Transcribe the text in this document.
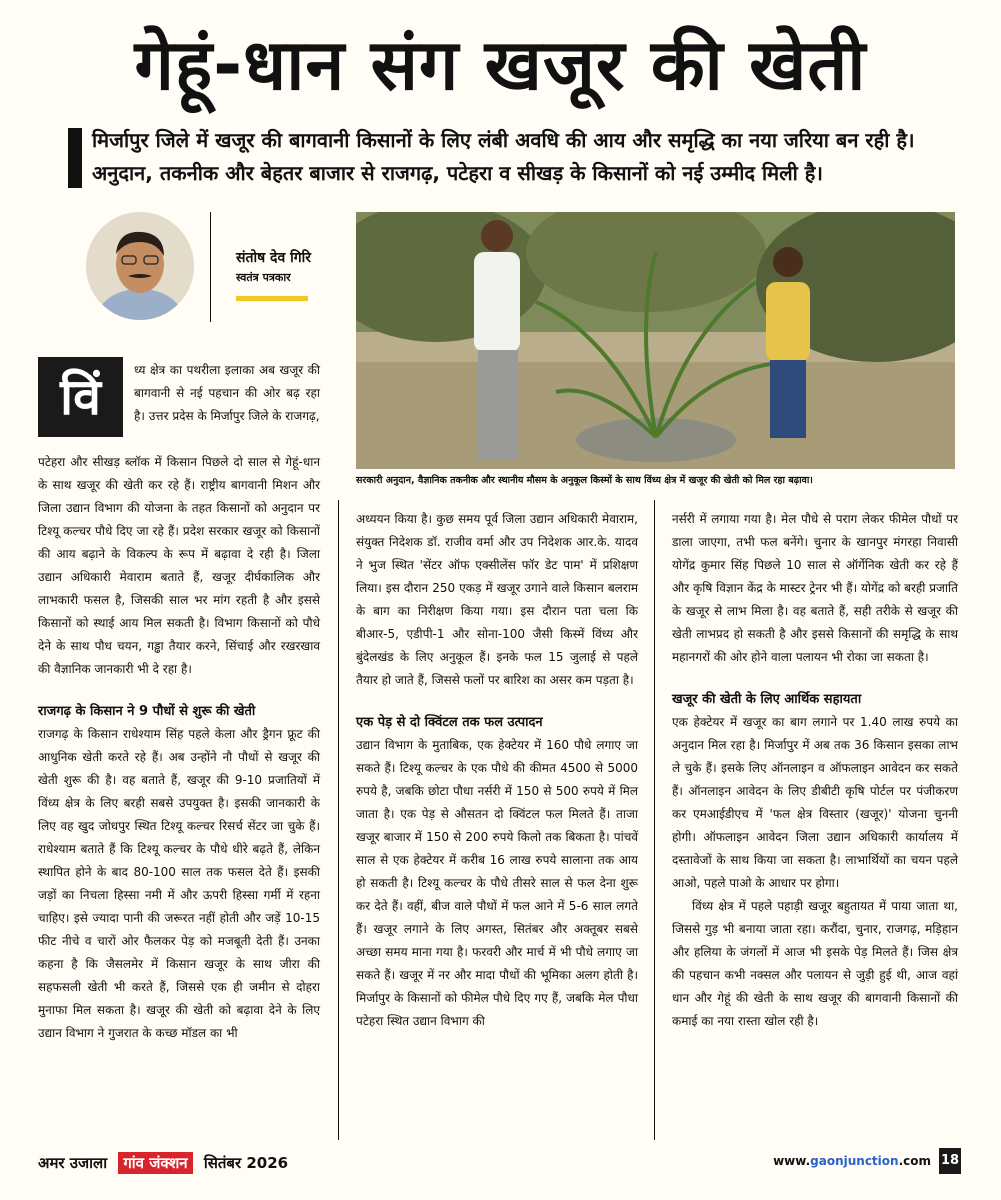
गेहूं-धान संग खजूर की खेती

मिर्जापुर जिले में खजूर की बागवानी किसानों के लिए लंबी अवधि की आय और समृद्धि का नया जरिया बन रही है। अनुदान, तकनीक और बेहतर बाजार से राजगढ़, पटेहरा व सीखड़ के किसानों को नई उम्मीद मिली है।

संतोष देव गिरि
स्वतंत्र पत्रकार
सरकारी अनुदान, वैज्ञानिक तकनीक और स्थानीय मौसम के अनुकूल किस्मों के साथ विंध्य क्षेत्र में खजूर की खेती को मिल रहा बढ़ावा।
विं	ध्य क्षेत्र का पथरीला इलाका अब खजूर की बागवानी से नई पहचान की ओर बढ़ रहा है। उत्तर प्रदेस के मिर्जापुर जिले के राजगढ़,

पटेहरा और सीखड़ ब्लॉक में किसान पिछले दो साल से गेहूं-धान के साथ खजूर की खेती कर रहे हैं। राष्ट्रीय बागवानी मिशन और जिला उद्यान विभाग की योजना के तहत किसानों को अनुदान पर टिश्यू कल्चर पौधे दिए जा रहे हैं। प्रदेश सरकार खजूर को किसानों की आय बढ़ाने के विकल्प के रूप में बढ़ावा दे रही है। जिला उद्यान अधिकारी मेवाराम बताते हैं, खजूर दीर्घकालिक और लाभकारी फसल है, जिसकी साल भर मांग रहती है और इससे किसानों को स्थाई आय मिल सकती है। विभाग किसानों को पौधे देने के साथ पौध चयन, गड्ढा तैयार करने, सिंचाई और रखरखाव की वैज्ञानिक जानकारी भी दे रहा है।

राजगढ़ के किसान ने 9 पौधों से शुरू की खेती

राजगढ़ के किसान राधेश्याम सिंह पहले केला और ड्रैगन फ्रूट की आधुनिक खेती करते रहे हैं। अब उन्होंने नौ पौधों से खजूर की खेती शुरू की है। वह बताते हैं, खजूर की 9-10 प्रजातियों में विंध्य क्षेत्र के लिए बरही सबसे उपयुक्त है। इसकी जानकारी के लिए वह खुद जोधपुर स्थित टिश्यू कल्चर रिसर्च सेंटर जा चुके हैं। राधेश्याम बताते हैं कि टिश्यू कल्चर के पौधे धीरे बढ़ते हैं, लेकिन स्थापित होने के बाद 80-100 साल तक फसल देते हैं। इसकी जड़ों का निचला हिस्सा नमी में और ऊपरी हिस्सा गर्मी में रहना चाहिए। इसे ज्यादा पानी की जरूरत नहीं होती और जड़ें 10-15 फीट नीचे व चारों ओर फैलकर पेड़ को मजबूती देती हैं। उनका कहना है कि जैसलमेर में किसान खजूर के साथ जीरा की सहफसली खेती भी करते हैं, जिससे एक ही जमीन से दोहरा मुनाफा मिल सकता है। खजूर की खेती को बढ़ावा देने के लिए उद्यान विभाग ने गुजरात के कच्छ मॉडल का भी

अध्ययन किया है। कुछ समय पूर्व जिला उद्यान अधिकारी मेवाराम, संयुक्त निदेशक डॉ. राजीव वर्मा और उप निदेशक आर.के. यादव ने भुज स्थित 'सेंटर ऑफ एक्सीलेंस फॉर डेट पाम' में प्रशिक्षण लिया। इस दौरान 250 एकड़ में खजूर उगाने वाले किसान बलराम के बाग का निरीक्षण किया गया। इस दौरान पता चला कि बीआर-5, एडीपी-1 और सोना-100 जैसी किस्में विंध्य और बुंदेलखंड के लिए अनुकूल हैं। इनके फल 15 जुलाई से पहले तैयार हो जाते हैं, जिससे फलों पर बारिश का असर कम पड़ता है।

एक पेड़ से दो क्विंटल तक फल उत्पादन

उद्यान विभाग के मुताबिक, एक हेक्टेयर में 160 पौधे लगाए जा सकते हैं। टिश्यू कल्चर के एक पौधे की कीमत 4500 से 5000 रुपये है, जबकि छोटा पौधा नर्सरी में 150 से 500 रुपये में मिल जाता है। एक पेड़ से औसतन दो क्विंटल फल मिलते हैं। ताजा खजूर बाजार में 150 से 200 रुपये किलो तक बिकता है। पांचवें साल से एक हेक्टेयर में करीब 16 लाख रुपये सालाना तक आय हो सकती है। टिश्यू कल्चर के पौधे तीसरे साल से फल देना शुरू कर देते हैं। वहीं, बीज वाले पौधों में फल आने में 5-6 साल लगते हैं। खजूर लगाने के लिए अगस्त, सितंबर और अक्तूबर सबसे अच्छा समय माना गया है। फरवरी और मार्च में भी पौधे लगाए जा सकते हैं। खजूर में नर और मादा पौधों की भूमिका अलग होती है। मिर्जापुर के किसानों को फीमेल पौधे दिए गए हैं, जबकि मेल पौधा पटेहरा स्थित उद्यान विभाग की

नर्सरी में लगाया गया है। मेल पौधे से पराग लेकर फीमेल पौधों पर डाला जाएगा, तभी फल बनेंगे। चुनार के खानपुर मंगरहा निवासी योगेंद्र कुमार सिंह पिछले 10 साल से ऑर्गेनिक खेती कर रहे हैं और कृषि विज्ञान केंद्र के मास्टर ट्रेनर भी हैं। योगेंद्र को बरही प्रजाति के खजूर से लाभ मिला है। वह बताते हैं, सही तरीके से खजूर की खेती लाभप्रद हो सकती है और इससे किसानों की समृद्धि के साथ महानगरों की ओर होने वाला पलायन भी रोका जा सकता है।

खजूर की खेती के लिए आर्थिक सहायता

एक हेक्टेयर में खजूर का बाग लगाने पर 1.40 लाख रुपये का अनुदान मिल रहा है। मिर्जापुर में अब तक 36 किसान इसका लाभ ले चुके हैं। इसके लिए ऑनलाइन व ऑफलाइन आवेदन कर सकते हैं। ऑनलाइन आवेदन के लिए डीबीटी कृषि पोर्टल पर पंजीकरण कर एमआईडीएच में 'फल क्षेत्र विस्तार (खजूर)' योजना चुननी होगी। ऑफलाइन आवेदन जिला उद्यान अधिकारी कार्यालय में दस्तावेजों के साथ किया जा सकता है। लाभार्थियों का चयन पहले आओ, पहले पाओ के आधार पर होगा।

विंध्य क्षेत्र में पहले पहाड़ी खजूर बहुतायत में पाया जाता था, जिससे गुड़ भी बनाया जाता रहा। करौंदा, चुनार, राजगढ़, मड़िहान और हलिया के जंगलों में आज भी इसके पेड़ मिलते हैं। जिस क्षेत्र की पहचान कभी नक्सल और पलायन से जुड़ी हुई थी, आज वहां धान और गेहूं की खेती के साथ खजूर की बागवानी किसानों की कमाई का नया रास्ता खोल रही है।

अमर उजाला गांव जंक्शन सितंबर 2026	www.gaonjunction.com 18
